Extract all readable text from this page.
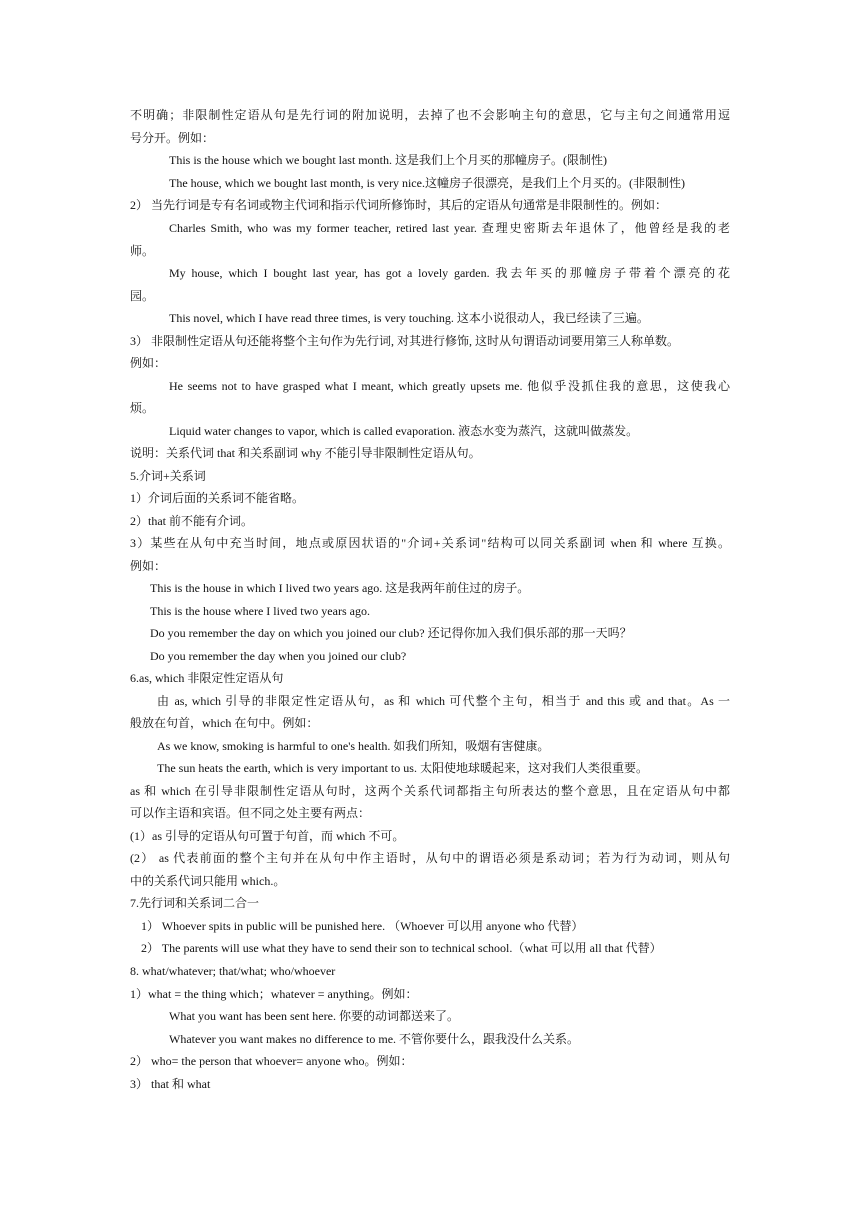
不明确；非限制性定语从句是先行词的附加说明，去掉了也不会影响主句的意思，它与主句之间通常用逗
号分开。例如：
This is the house which we bought last month. 这是我们上个月买的那幢房子。(限制性)
The house, which we bought last month, is very nice.这幢房子很漂亮，是我们上个月买的。(非限制性)
2） 当先行词是专有名词或物主代词和指示代词所修饰时，其后的定语从句通常是非限制性的。例如：
Charles Smith, who was my former teacher, retired last year. 查理史密斯去年退休了，他曾经是我的老
师。
My house, which I bought last year, has got a lovely garden. 我去年买的那幢房子带着个漂亮的花
园。
This novel, which I have read three times, is very touching. 这本小说很动人，我已经读了三遍。
3） 非限制性定语从句还能将整个主句作为先行词, 对其进行修饰, 这时从句谓语动词要用第三人称单数。
例如：
He seems not to have grasped what I meant, which greatly upsets me. 他似乎没抓住我的意思，这使我心
烦。
Liquid water changes to vapor, which is called evaporation. 液态水变为蒸汽，这就叫做蒸发。
说明：关系代词 that 和关系副词 why 不能引导非限制性定语从句。
5.介词+关系词
1）介词后面的关系词不能省略。
2）that 前不能有介词。
3）某些在从句中充当时间，地点或原因状语的"介词+关系词"结构可以同关系副词 when 和 where 互换。
例如：
This is the house in which I lived two years ago. 这是我两年前住过的房子。
This is the house where I lived two years ago.
Do you remember the day on which you joined our club? 还记得你加入我们俱乐部的那一天吗？
Do you remember the day when you joined our club?
6.as, which 非限定性定语从句
由 as, which 引导的非限定性定语从句，as 和 which 可代整个主句，相当于 and this 或 and that。As 一
般放在句首，which 在句中。例如：
As we know, smoking is harmful to one's health. 如我们所知，吸烟有害健康。
The sun heats the earth, which is very important to us. 太阳使地球暖起来，这对我们人类很重要。
as 和 which 在引导非限制性定语从句时，这两个关系代词都指主句所表达的整个意思，且在定语从句中都
可以作主语和宾语。但不同之处主要有两点：
(1）as 引导的定语从句可置于句首，而 which 不可。
(2） as 代表前面的整个主句并在从句中作主语时，从句中的谓语必须是系动词；若为行为动词，则从句
中的关系代词只能用 which.。
7.先行词和关系词二合一
1） Whoever spits in public will be punished here. （Whoever 可以用 anyone who 代替）
2） The parents will use what they have to send their son to technical school.（what 可以用 all that 代替）
8. what/whatever; that/what; who/whoever
1）what = the thing which；whatever = anything。例如：
What you want has been sent here. 你要的动词都送来了。
Whatever you want makes no difference to me. 不管你要什么，跟我没什么关系。
2） who= the person that whoever= anyone who。例如：
3） that 和 what
